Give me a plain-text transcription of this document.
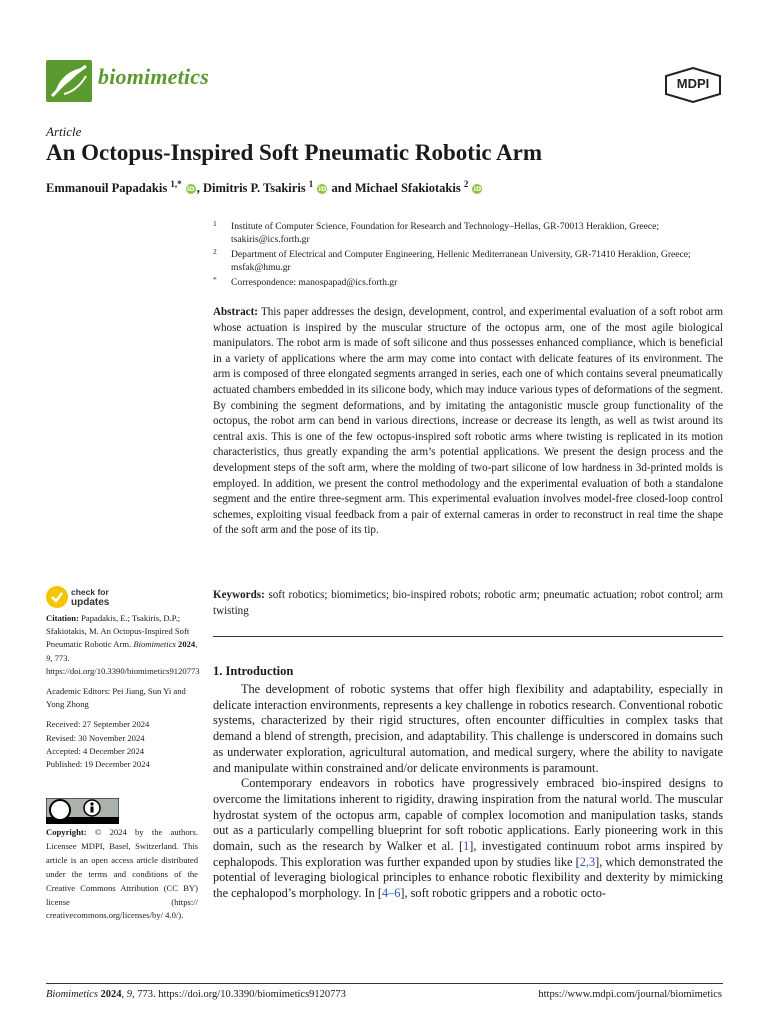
biomimetics	MDPI
Article
An Octopus-Inspired Soft Pneumatic Robotic Arm
Emmanouil Papadakis $^{1,*}$ iD , Dimitris P. Tsakiris $^1$ iD and Michael Sfakiotakis $^2$ iD
1 Institute of Computer Science, Foundation for Research and Technology–Hellas, GR-70013 Heraklion, Greece; tsakiris@ics.forth.gr
2 Department of Electrical and Computer Engineering, Hellenic Mediterranean University, GR-71410 Heraklion, Greece; msfak@hmu.gr
* Correspondence: manospapad@ics.forth.gr

Abstract: This paper addresses the design, development, control, and experimental evaluation of a soft robot arm whose actuation is inspired by the muscular structure of the octopus arm, one of the most agile biological manipulators. The robot arm is made of soft silicone and thus possesses enhanced compliance, which is beneficial in a variety of applications where the arm may come into contact with delicate features of its environment. The arm is composed of three elongated segments arranged in series, each one of which contains several pneumatically actuated chambers embedded in its silicone body, which may induce various types of deformations of the segment. By combining the segment deformations, and by imitating the antagonistic muscle group functionality of the octopus, the robot arm can bend in various directions, increase or decrease its length, as well as twist around its central axis. This is one of the few octopus-inspired soft robotic arms where twisting is replicated in its motion characteristics, thus greatly expanding the arm’s potential applications. We present the design process and the development steps of the soft arm, where the molding of two-part silicone of low hardness in 3d-printed molds is employed. In addition, we present the control methodology and the experimental evaluation of both a standalone segment and the entire three-segment arm. This experimental evaluation involves model-free closed-loop control schemes, exploiting visual feedback from a pair of external cameras in order to reconstruct in real time the shape of the soft arm and the pose of its tip.

Keywords: soft robotics; biomimetics; bio-inspired robots; robotic arm; pneumatic actuation; robot control; arm twisting

check for
updates

Citation: Papadakis, E.; Tsakiris, D.P.; Sfakiotakis, M. An Octopus-Inspired Soft Pneumatic Robotic Arm. Biomimetics 2024, 9, 773. https://doi.org/10.3390/biomimetics9120773

Academic Editors: Pei Jiang, Sun Yi and Yong Zhong

Received: 27 September 2024
Revised: 30 November 2024
Accepted: 4 December 2024
Published: 19 December 2024

Copyright: © 2024 by the authors. Licensee MDPI, Basel, Switzerland. This article is an open access article distributed under the terms and conditions of the Creative Commons Attribution (CC BY) license (https:// creativecommons.org/licenses/by/ 4.0/).

1. Introduction

The development of robotic systems that offer high flexibility and adaptability, especially in delicate interaction environments, represents a key challenge in robotics research. Conventional robotic systems, characterized by their rigid structures, often encounter difficulties in complex tasks that demand a blend of strength, precision, and adaptability. This challenge is underscored in domains such as underwater exploration, agricultural automation, and medical surgery, where the ability to navigate and manipulate within constrained and/or delicate environments is paramount.

Contemporary endeavors in robotics have progressively embraced bio-inspired designs to overcome the limitations inherent to rigidity, drawing inspiration from the natural world. The muscular hydrostat system of the octopus arm, capable of complex locomotion and manipulation tasks, stands out as a particularly compelling blueprint for soft robotic applications. Early pioneering work in this domain, such as the research by Walker et al. [1], investigated continuum robot arms inspired by cephalopods. This exploration was further expanded upon by studies like [2,3], which demonstrated the potential of leveraging biological principles to enhance robotic flexibility and dexterity by mimicking the cephalopod’s morphology. In [4–6], soft robotic grippers and a robotic octo-

Biomimetics 2024, 9, 773. https://doi.org/10.3390/biomimetics9120773	https://www.mdpi.com/journal/biomimetics
